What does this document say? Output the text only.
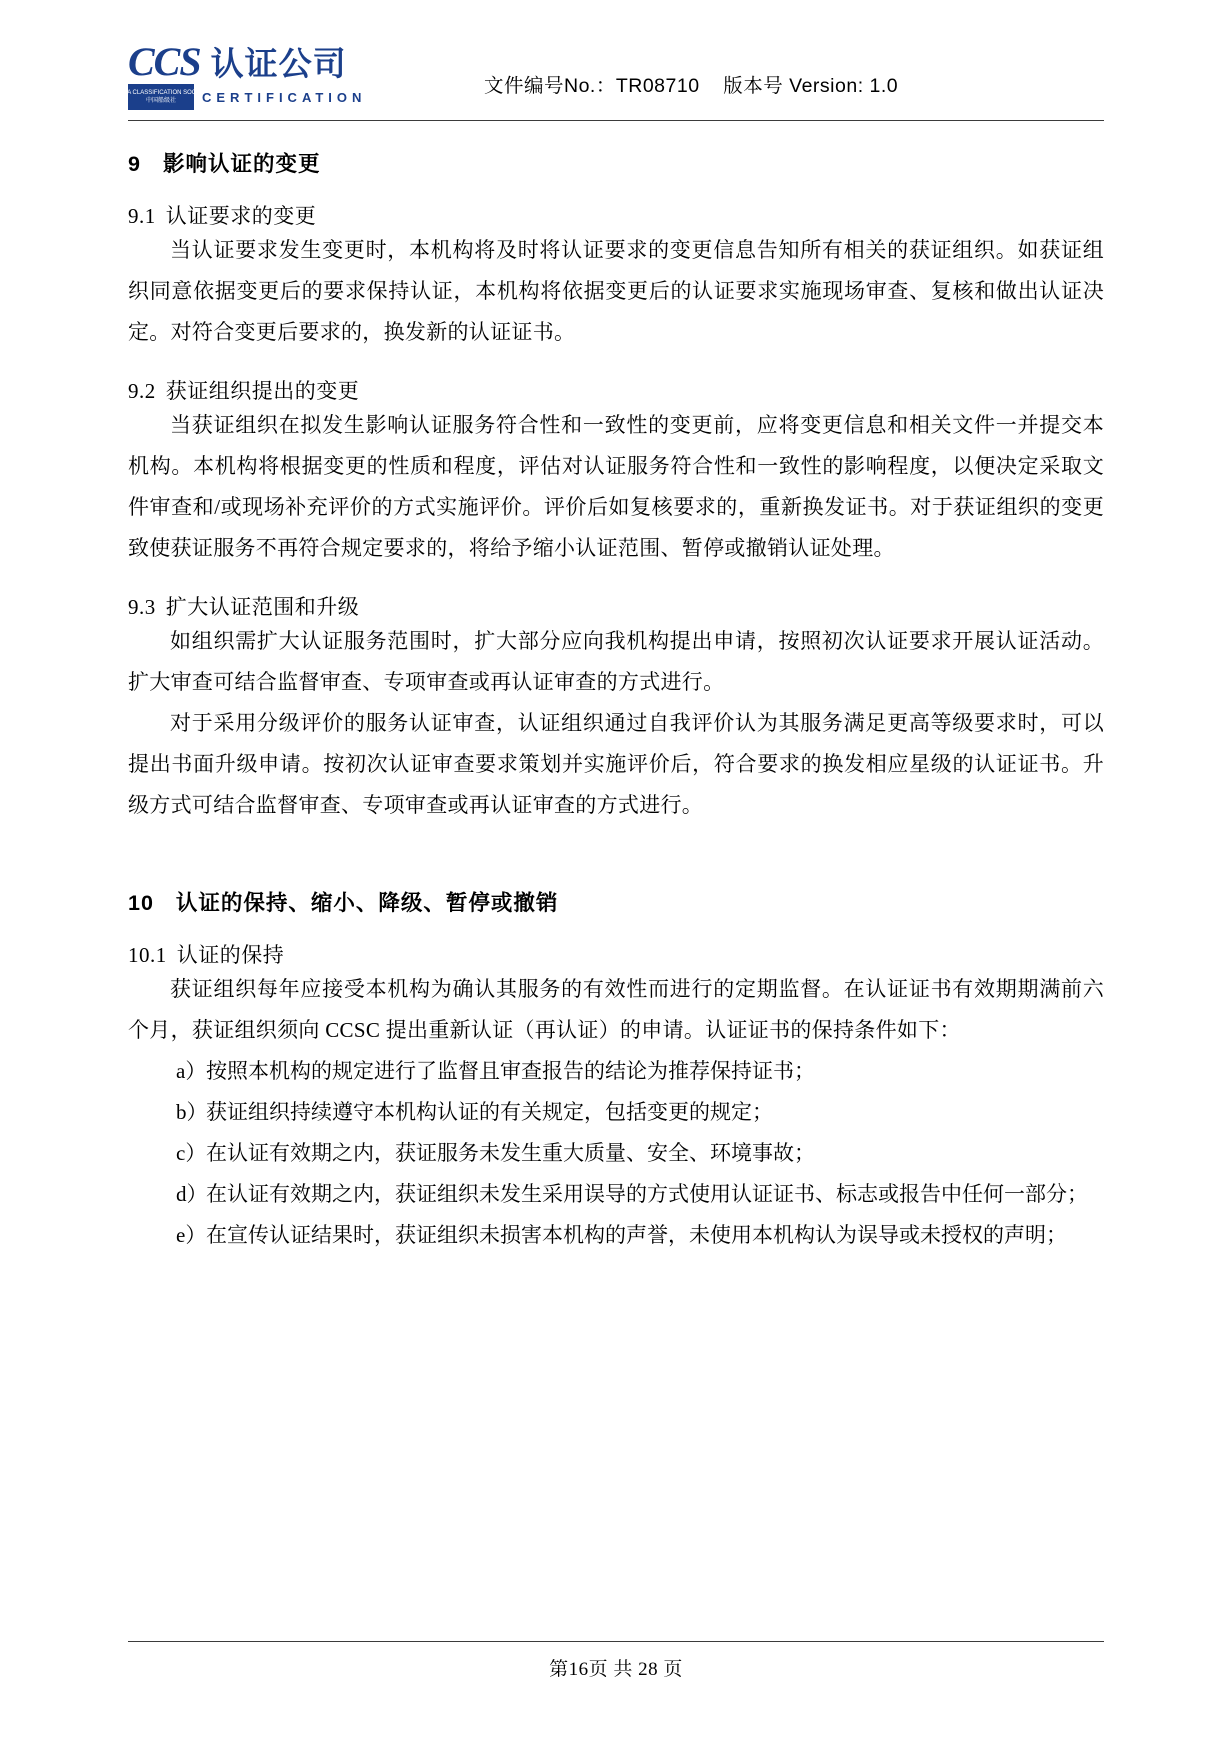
CCS 认证公司
CHINA CLASSIFICATION SOCIETY
中国船级社 CERTIFICATION	文件编号No.：TR08710    版本号 Version: 1.0
9 影响认证的变更
9.1 认证要求的变更

当认证要求发生变更时，本机构将及时将认证要求的变更信息告知所有相关的获证组织。如获证组织同意依据变更后的要求保持认证，本机构将依据变更后的认证要求实施现场审查、复核和做出认证决定。对符合变更后要求的，换发新的认证证书。

9.2 获证组织提出的变更

当获证组织在拟发生影响认证服务符合性和一致性的变更前，应将变更信息和相关文件一并提交本机构。本机构将根据变更的性质和程度，评估对认证服务符合性和一致性的影响程度，以便决定采取文件审查和/或现场补充评价的方式实施评价。评价后如复核要求的，重新换发证书。对于获证组织的变更致使获证服务不再符合规定要求的，将给予缩小认证范围、暂停或撤销认证处理。

9.3 扩大认证范围和升级

如组织需扩大认证服务范围时，扩大部分应向我机构提出申请，按照初次认证要求开展认证活动。扩大审查可结合监督审查、专项审查或再认证审查的方式进行。

对于采用分级评价的服务认证审查，认证组织通过自我评价认为其服务满足更高等级要求时，可以提出书面升级申请。按初次认证审查要求策划并实施评价后，符合要求的换发相应星级的认证证书。升级方式可结合监督审查、专项审查或再认证审查的方式进行。

10 认证的保持、缩小、降级、暂停或撤销
10.1 认证的保持

获证组织每年应接受本机构为确认其服务的有效性而进行的定期监督。在认证证书有效期期满前六个月，获证组织须向 CCSC 提出重新认证（再认证）的申请。认证证书的保持条件如下：

a） 按照本机构的规定进行了监督且审查报告的结论为推荐保持证书；
b）
获证组织持续遵守本机构认证的有关规定，包括变更的规定；
c） 在认证有效期之内，获证服务未发生重大质量、安全、环境事故；
d）
在认证有效期之内，获证组织未发生采用误导的方式使用认证证书、标志或报告中任何一部分；
e） 在宣传认证结果时，获证组织未损害本机构的声誉，未使用本机构认为误导或未授权的声明；
第16页 共 28 页
